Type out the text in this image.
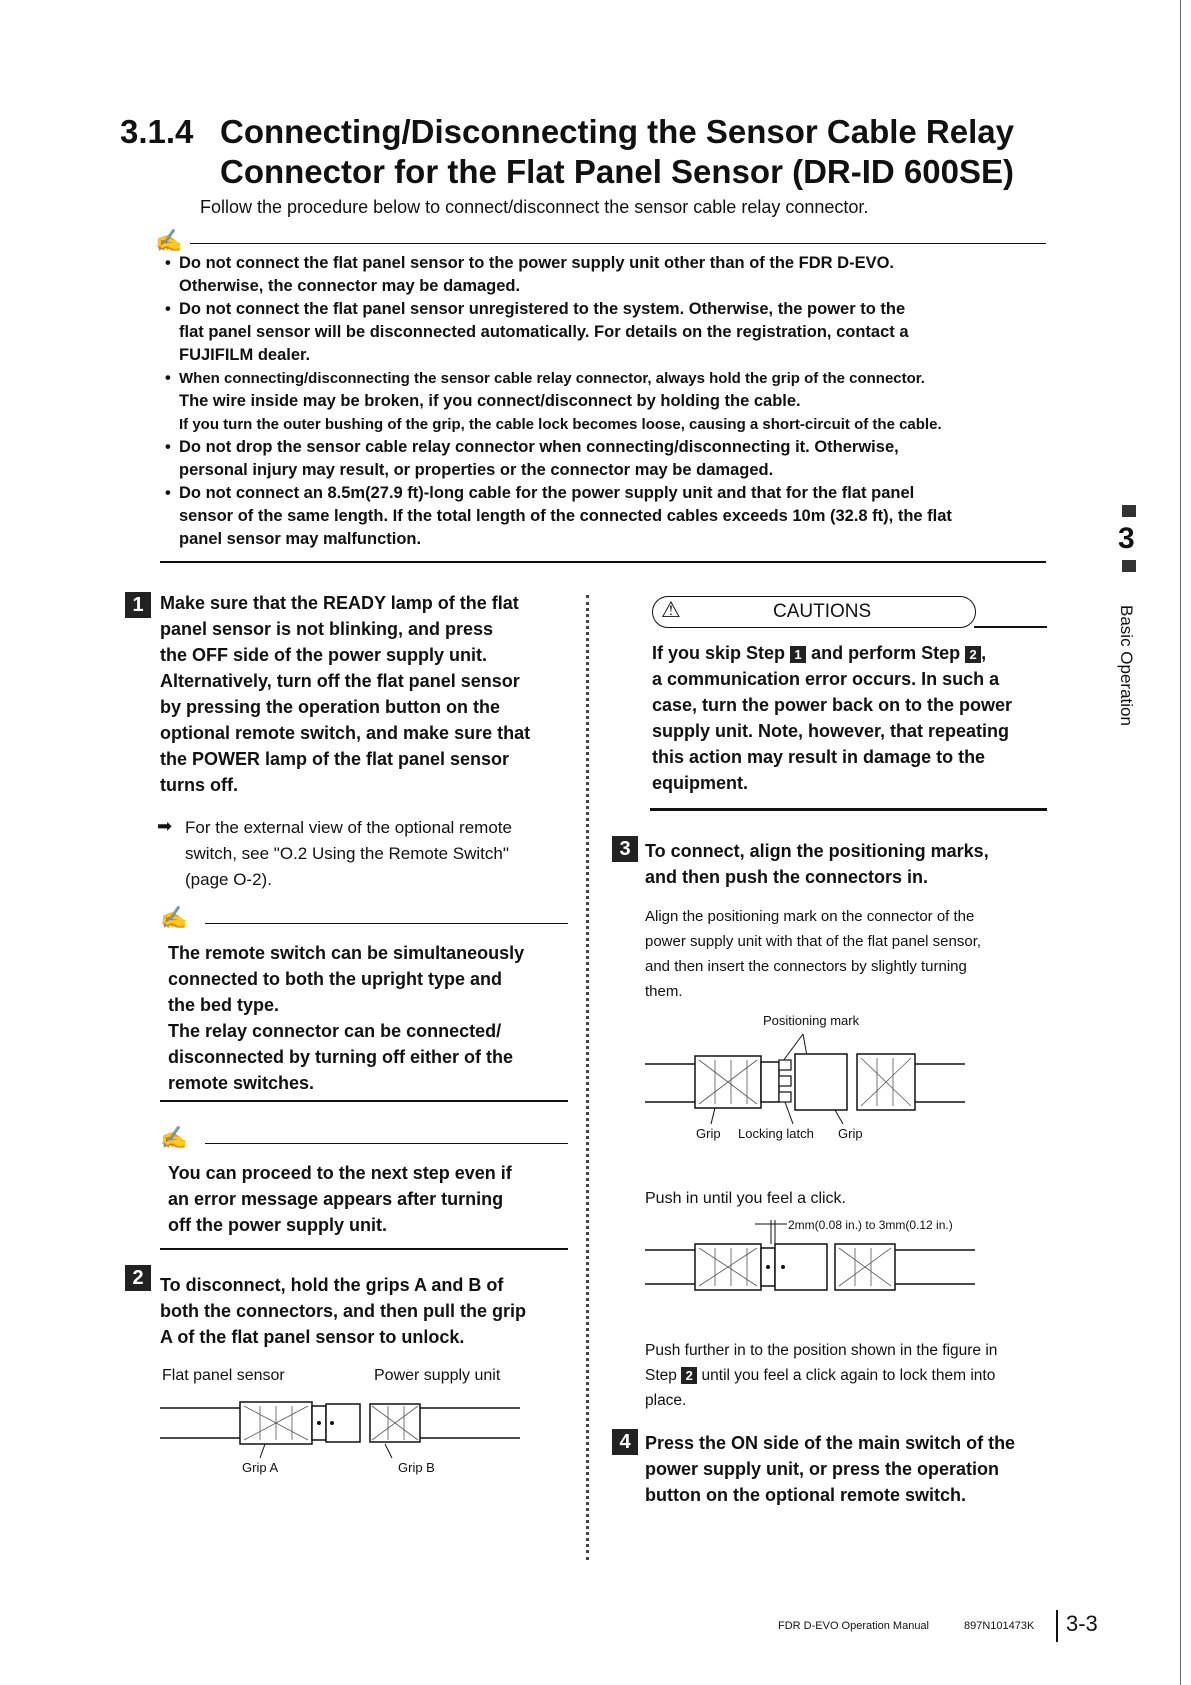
3.1.4 Connecting/Disconnecting the Sensor Cable Relay
Connector for the Flat Panel Sensor (DR-ID 600SE)
Follow the procedure below to connect/disconnect the sensor cable relay connector.
✍
• Do not connect the flat panel sensor to the power supply unit other than of the FDR D-EVO.
Otherwise, the connector may be damaged.
• Do not connect the flat panel sensor unregistered to the system. Otherwise, the power to the
flat panel sensor will be disconnected automatically. For details on the registration, contact a
FUJIFILM dealer.
• When connecting/disconnecting the sensor cable relay connector, always hold the grip of the connector.
The wire inside may be broken, if you connect/disconnect by holding the cable.
If you turn the outer bushing of the grip, the cable lock becomes loose, causing a short-circuit of the cable.
• Do not drop the sensor cable relay connector when connecting/disconnecting it. Otherwise,
personal injury may result, or properties or the connector may be damaged.
• Do not connect an 8.5m(27.9 ft)-long cable for the power supply unit and that for the flat panel
sensor of the same length. If the total length of the connected cables exceeds 10m (32.8 ft), the flat
panel sensor may malfunction.
1 Make sure that the READY lamp of the flat
panel sensor is not blinking, and press
the OFF side of the power supply unit.
Alternatively, turn off the flat panel sensor
by pressing the operation button on the
optional remote switch, and make sure that
the POWER lamp of the flat panel sensor
turns off.
➡ For the external view of the optional remote
switch, see "O.2 Using the Remote Switch"
(page O-2).
✍
The remote switch can be simultaneously
connected to both the upright type and
the bed type.
The relay connector can be connected/
disconnected by turning off either of the
remote switches.
✍
You can proceed to the next step even if
an error message appears after turning
off the power supply unit.
2 To disconnect, hold the grips A and B of
both the connectors, and then pull the grip
A of the flat panel sensor to unlock.
Flat panel sensor	Power supply unit
Grip A	Grip B
⚠	CAUTIONS
If you skip Step 1 and perform Step 2 ,
a communication error occurs. In such a
case, turn the power back on to the power
supply unit. Note, however, that repeating
this action may result in damage to the
equipment.
3 To connect, align the positioning marks,
and then push the connectors in.
Align the positioning mark on the connector of the
power supply unit with that of the flat panel sensor,
and then insert the connectors by slightly turning
them.
Positioning mark
Grip Locking latch Grip
Push in until you feel a click.
2mm(0.08 in.) to 3mm(0.12 in.)
Push further in to the position shown in the figure in
Step 2 until you feel a click again to lock them into
place.
4 Press the ON side of the main switch of the
power supply unit, or press the operation
button on the optional remote switch.
3
Basic Operation
FDR D-EVO Operation Manual	897N101473K 3-3
